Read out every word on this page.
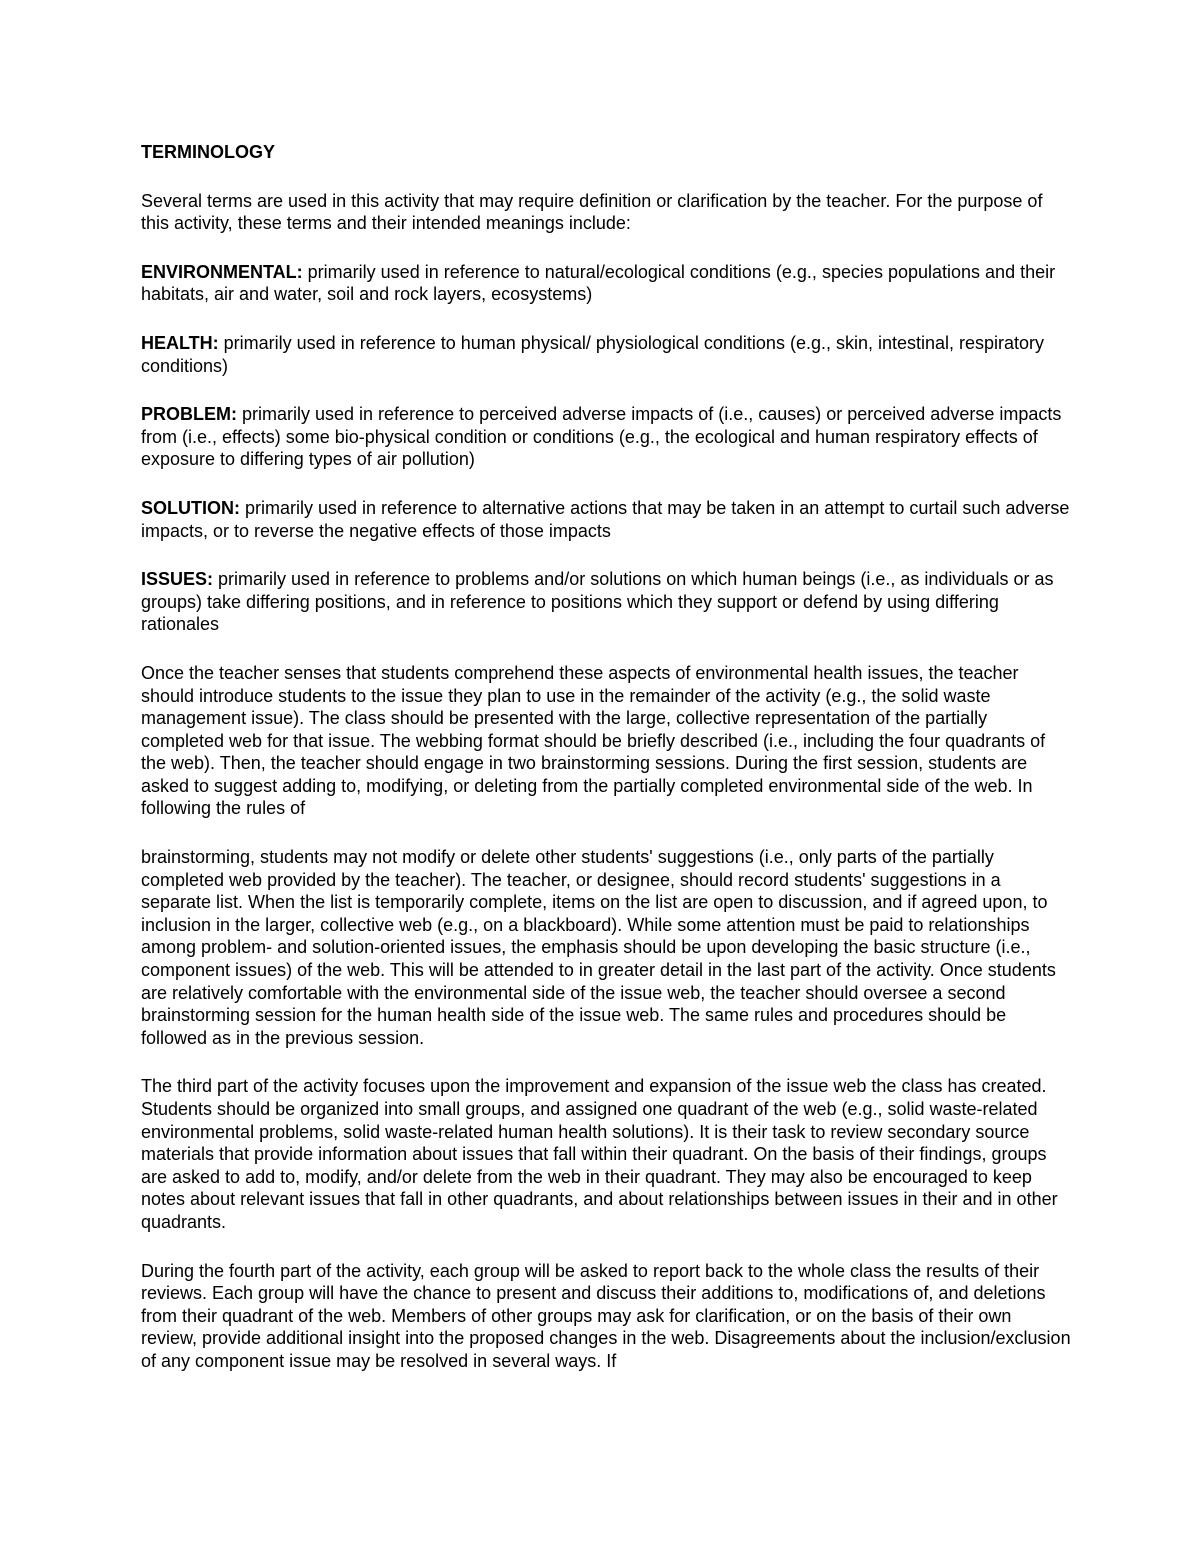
TERMINOLOGY

Several terms are used in this activity that may require definition or clarification by the teacher. For the purpose of this activity, these terms and their intended meanings include:

ENVIRONMENTAL: primarily used in reference to natural/ecological conditions (e.g., species populations and their habitats, air and water, soil and rock layers, ecosystems)

HEALTH: primarily used in reference to human physical/ physiological conditions (e.g., skin, intestinal, respiratory conditions)

PROBLEM: primarily used in reference to perceived adverse impacts of (i.e., causes) or perceived adverse impacts from (i.e., effects) some bio-physical condition or conditions (e.g., the ecological and human respiratory effects of exposure to differing types of air pollution)

SOLUTION: primarily used in reference to alternative actions that may be taken in an attempt to curtail such adverse impacts, or to reverse the negative effects of those impacts

ISSUES: primarily used in reference to problems and/or solutions on which human beings (i.e., as individuals or as groups) take differing positions, and in reference to positions which they support or defend by using differing rationales

Once the teacher senses that students comprehend these aspects of environmental health issues, the teacher should introduce students to the issue they plan to use in the remainder of the activity (e.g., the solid waste management issue). The class should be presented with the large, collective representation of the partially completed web for that issue. The webbing format should be briefly described (i.e., including the four quadrants of the web). Then, the teacher should engage in two brainstorming sessions. During the first session, students are asked to suggest adding to, modifying, or deleting from the partially completed environmental side of the web. In following the rules of

brainstorming, students may not modify or delete other students' suggestions (i.e., only parts of the partially completed web provided by the teacher). The teacher, or designee, should record students' suggestions in a separate list. When the list is temporarily complete, items on the list are open to discussion, and if agreed upon, to inclusion in the larger, collective web (e.g., on a blackboard). While some attention must be paid to relationships among problem- and solution-oriented issues, the emphasis should be upon developing the basic structure (i.e., component issues) of the web. This will be attended to in greater detail in the last part of the activity. Once students are relatively comfortable with the environmental side of the issue web, the teacher should oversee a second brainstorming session for the human health side of the issue web. The same rules and procedures should be followed as in the previous session.

The third part of the activity focuses upon the improvement and expansion of the issue web the class has created. Students should be organized into small groups, and assigned one quadrant of the web (e.g., solid waste-related environmental problems, solid waste-related human health solutions). It is their task to review secondary source materials that provide information about issues that fall within their quadrant. On the basis of their findings, groups are asked to add to, modify, and/or delete from the web in their quadrant. They may also be encouraged to keep notes about relevant issues that fall in other quadrants, and about relationships between issues in their and in other quadrants.

During the fourth part of the activity, each group will be asked to report back to the whole class the results of their reviews. Each group will have the chance to present and discuss their additions to, modifications of, and deletions from their quadrant of the web. Members of other groups may ask for clarification, or on the basis of their own review, provide additional insight into the proposed changes in the web. Disagreements about the inclusion/exclusion of any component issue may be resolved in several ways. If
